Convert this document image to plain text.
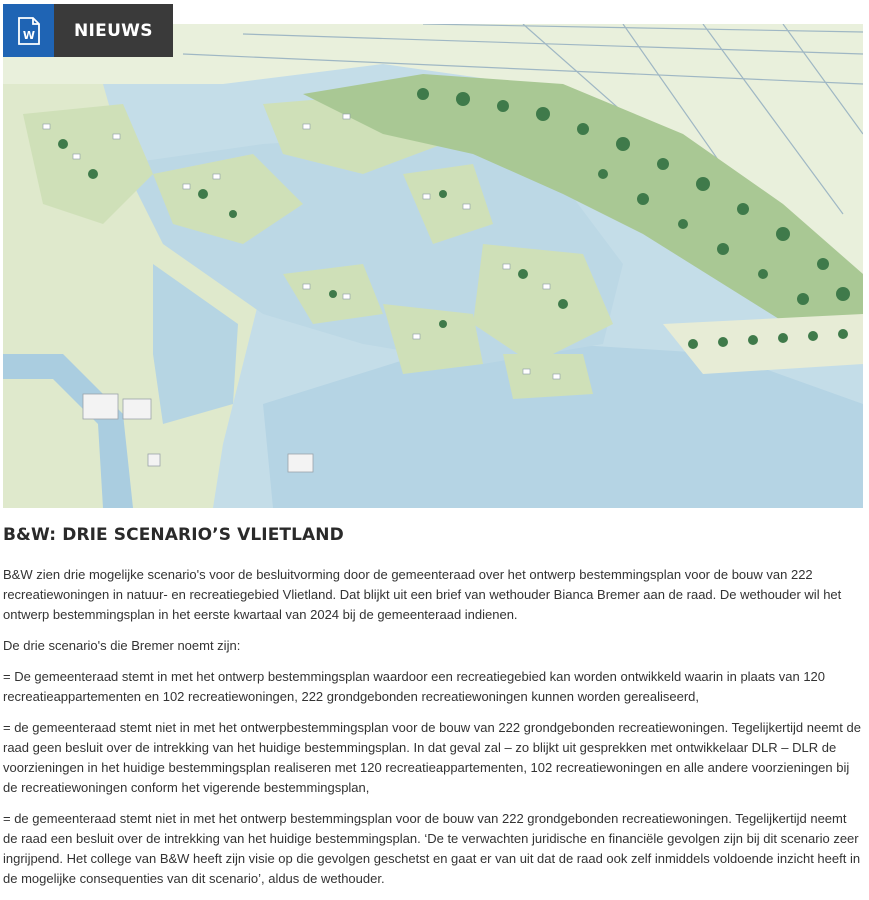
W	NIEUWS
B&W: DRIE SCENARIO’S VLIETLAND

B&W zien drie mogelijke scenario's voor de besluitvorming door de gemeenteraad over het ontwerp bestemmingsplan voor de bouw van 222 recreatiewoningen in natuur- en recreatiegebied Vlietland. Dat blijkt uit een brief van wethouder Bianca Bremer aan de raad. De wethouder wil het ontwerp bestemmingsplan in het eerste kwartaal van 2024 bij de gemeenteraad indienen.

De drie scenario's die Bremer noemt zijn:

= De gemeenteraad stemt in met het ontwerp bestemmingsplan waardoor een recreatiegebied kan worden ontwikkeld waarin in plaats van 120 recreatieappartementen en 102 recreatiewoningen, 222 grondgebonden recreatiewoningen kunnen worden gerealiseerd,

= de gemeenteraad stemt niet in met het ontwerpbestemmingsplan voor de bouw van 222 grondgebonden recreatiewoningen. Tegelijkertijd neemt de raad geen besluit over de intrekking van het huidige bestemmingsplan. In dat geval zal – zo blijkt uit gesprekken met ontwikkelaar DLR – DLR de voorzieningen in het huidige bestemmingsplan realiseren met 120 recreatieappartementen, 102 recreatiewoningen en alle andere voorzieningen bij de recreatiewoningen conform het vigerende bestemmingsplan,

= de gemeenteraad stemt niet in met het ontwerp bestemmingsplan voor de bouw van 222 grondgebonden recreatiewoningen. Tegelijkertijd neemt de raad een besluit over de intrekking van het huidige bestemmingsplan. ‘De te verwachten juridische en financiële gevolgen zijn bij dit scenario zeer ingrijpend. Het college van B&W heeft zijn visie op die gevolgen geschetst en gaat er van uit dat de raad ook zelf inmiddels voldoende inzicht heeft in de mogelijke consequenties van dit scenario’, aldus de wethouder.
